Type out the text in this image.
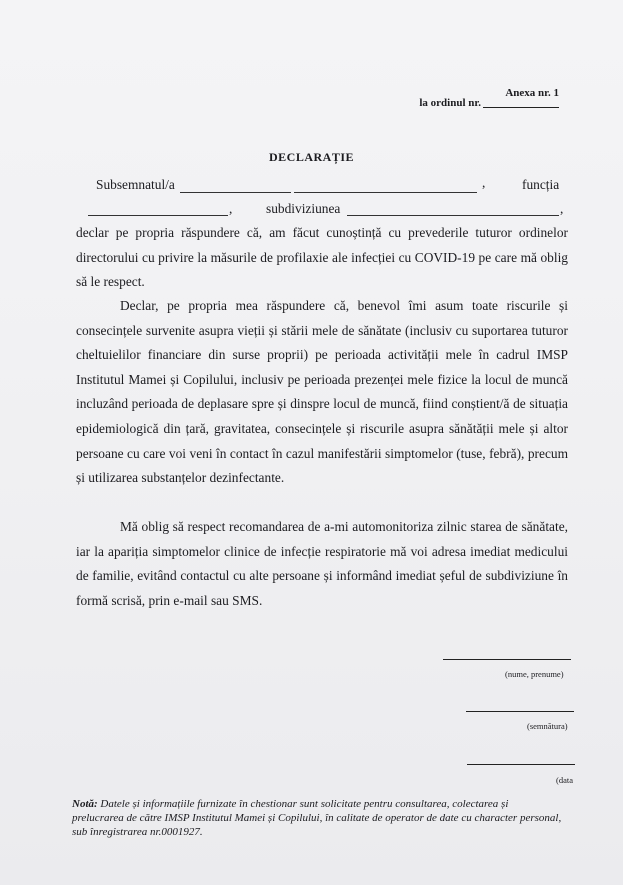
Anexa nr. 1
la ordinul nr.
DECLARAȚIE
Subsemnatul/a	,	funcția
,	subdiviziunea	,
declar pe propria răspundere că, am făcut cunoștință cu prevederile tuturor ordinelor directorului cu privire la măsurile de profilaxie ale infecției cu COVID-19 pe care mă oblig să le respect.
Declar, pe propria mea răspundere că, benevol îmi asum toate riscurile și consecințele survenite asupra vieții și stării mele de sănătate (inclusiv cu suportarea tuturor cheltuielilor financiare din surse proprii) pe perioada activității mele în cadrul IMSP Institutul Mamei și Copilului, inclusiv pe perioada prezenței mele fizice la locul de muncă incluzând perioada de deplasare spre și dinspre locul de muncă, fiind conștient/ă de situația epidemiologică din țară, gravitatea, consecințele și riscurile asupra sănătății mele și altor persoane cu care voi veni în contact în cazul manifestării simptomelor (tuse, febră), precum și utilizarea substanțelor dezinfectante.
Mă oblig să respect recomandarea de a-mi automonitoriza zilnic starea de sănătate, iar la apariția simptomelor clinice de infecție respiratorie mă voi adresa imediat medicului de familie, evitând contactul cu alte persoane și informând imediat șeful de subdiviziune în formă scrisă, prin e-mail sau SMS.
(nume, prenume)
(semnătura)
(data
Notă: Datele și informațiile furnizate în chestionar sunt solicitate pentru consultarea, colectarea și prelucrarea de către IMSP Institutul Mamei și Copilului, în calitate de operator de date cu character personal, sub înregistrarea nr.0001927.
